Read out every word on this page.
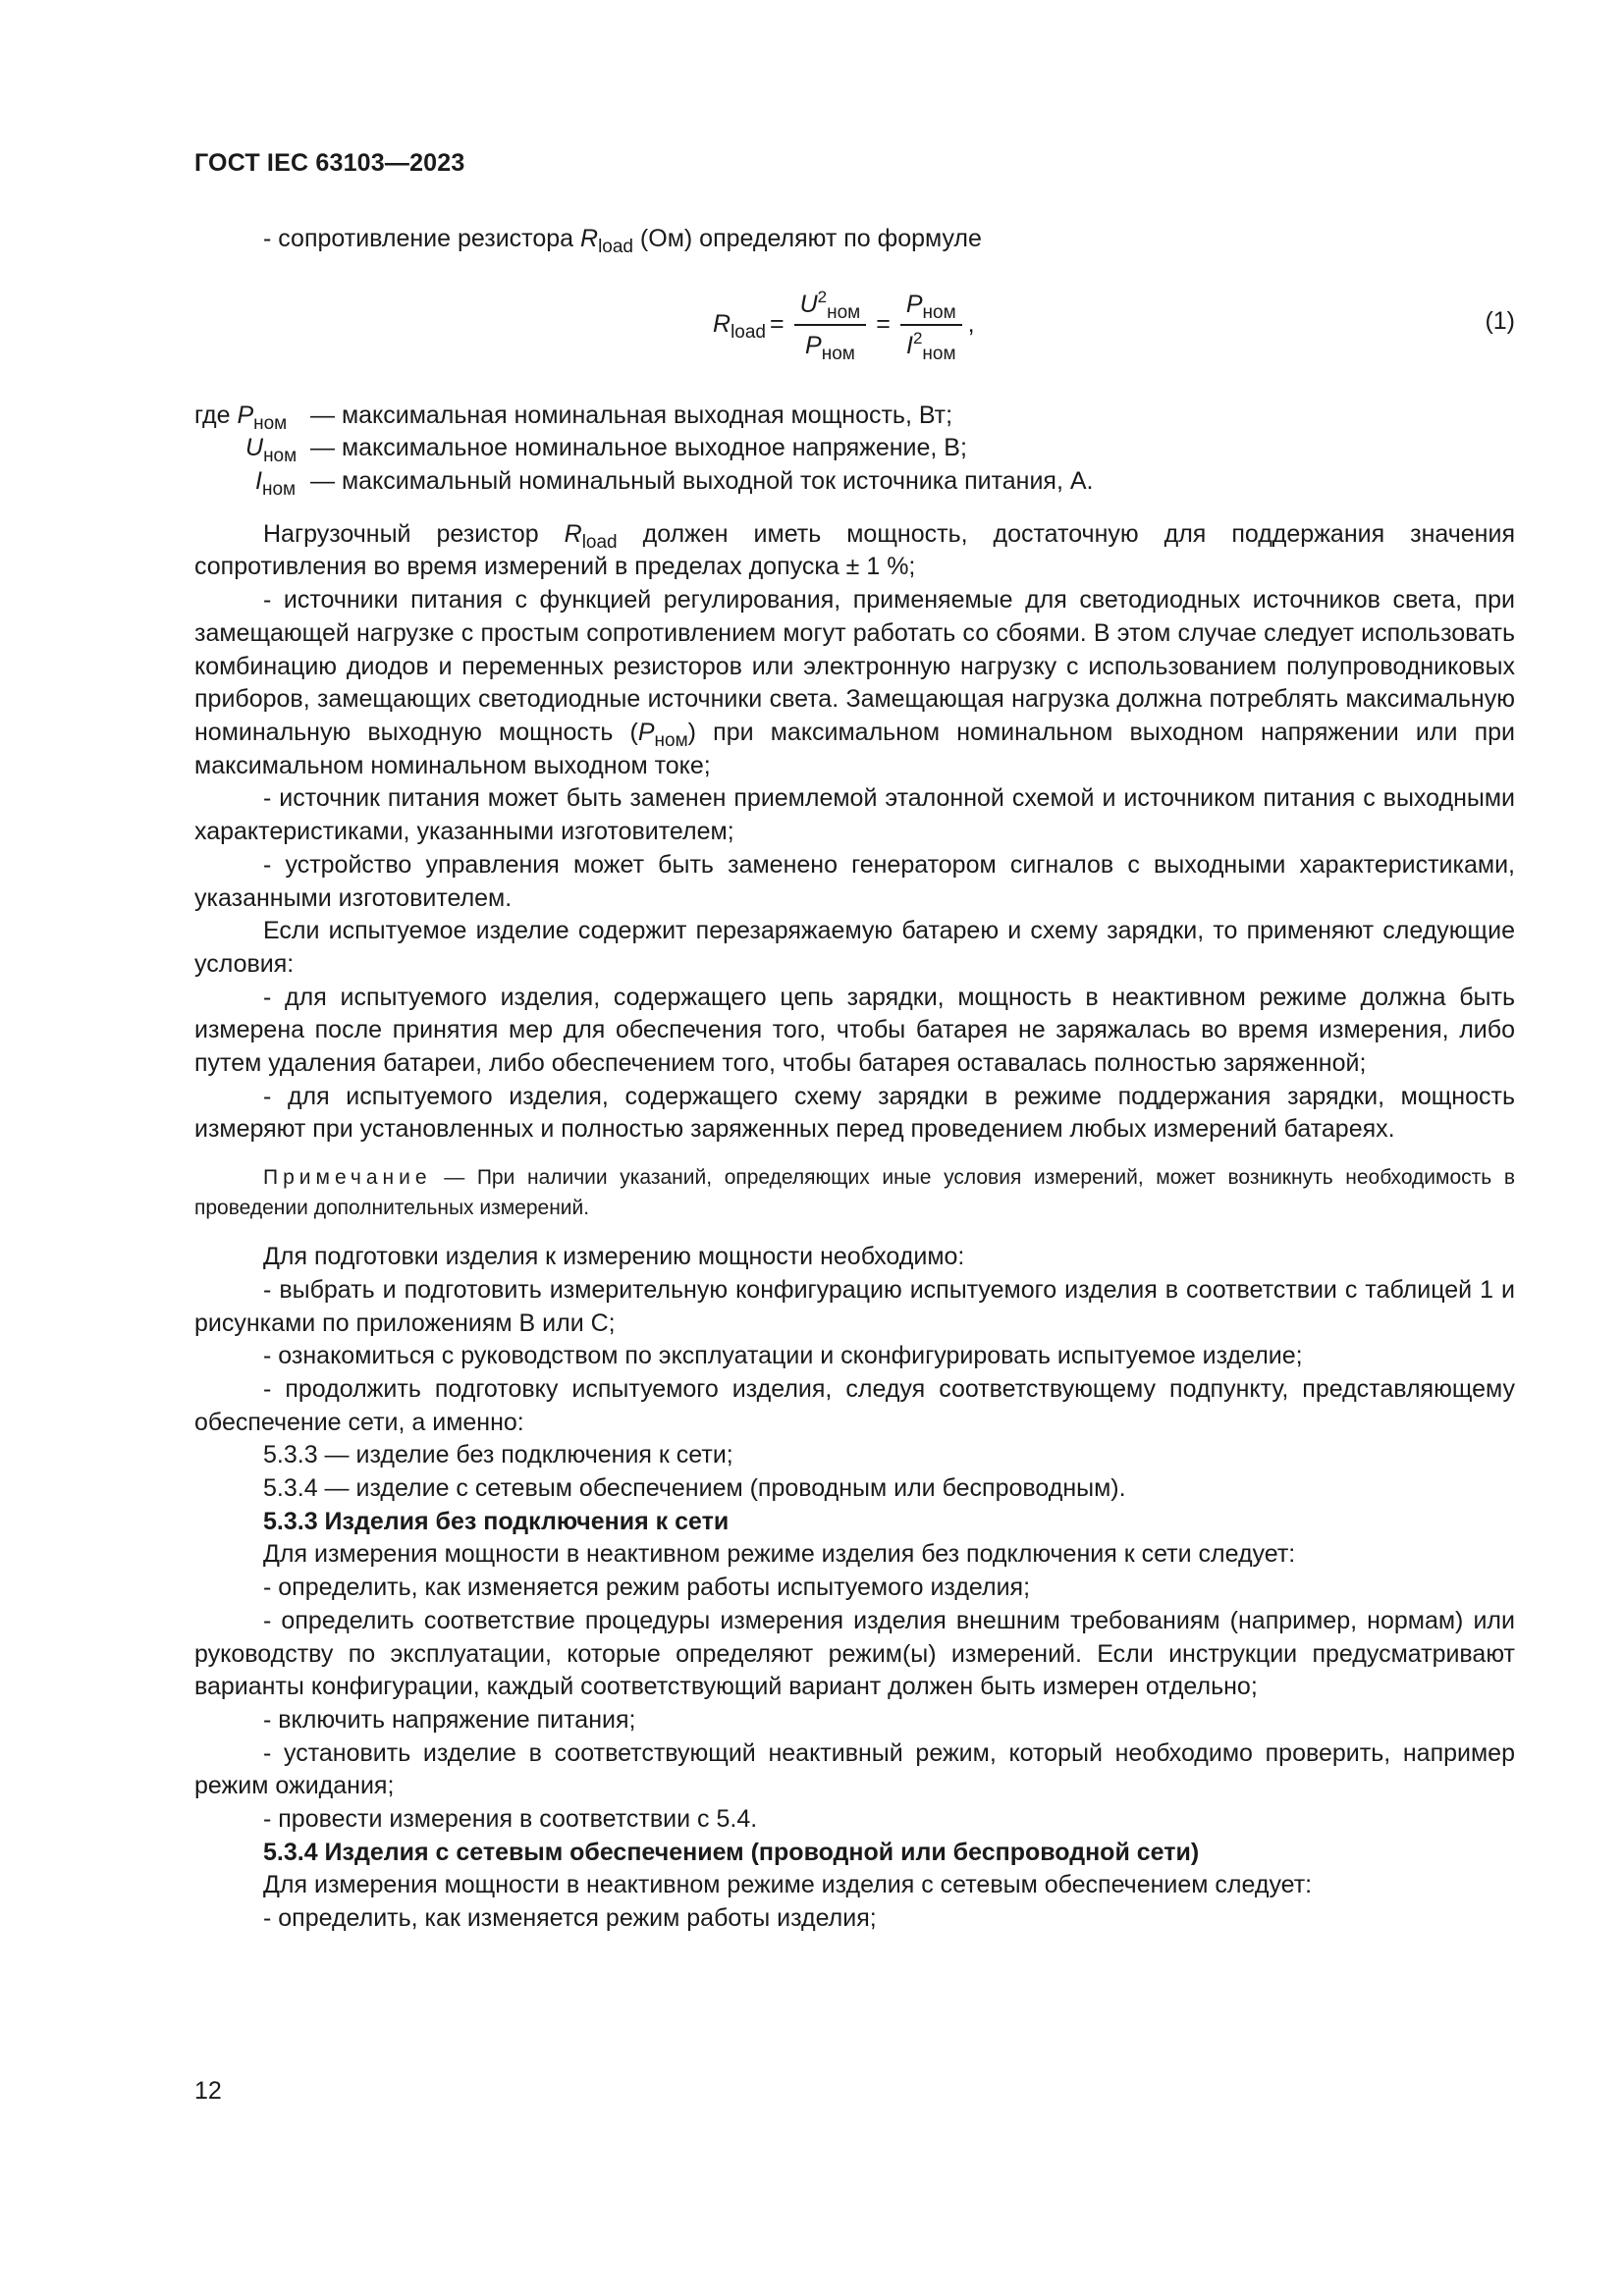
ГОСТ IEC 63103—2023

- сопротивление резистора $R_{load}$ (Ом) определяют по формуле

$R_{load} = \frac{U^2_{ном}}{P_{ном}} = \frac{P_{ном}}{I^2_{ном}}$ ,	(1)
где $P_{ном}$ — максимальная номинальная выходная мощность, Вт;
$U_{ном}$ — максимальное номинальное выходное напряжение, В;
$I_{ном}$ — максимальный номинальный выходной ток источника питания, А.

Нагрузочный резистор $R_{load}$ должен иметь мощность, достаточную для поддержания значения сопротивления во время измерений в пределах допуска ± 1 %;

- источники питания с функцией регулирования, применяемые для светодиодных источников света, при замещающей нагрузке с простым сопротивлением могут работать со сбоями. В этом случае следует использовать комбинацию диодов и переменных резисторов или электронную нагрузку с использованием полупроводниковых приборов, замещающих светодиодные источники света. Замещающая нагрузка должна потреблять максимальную номинальную выходную мощность $(P_{ном})$ при максимальном номинальном выходном напряжении или при максимальном номинальном выходном токе;

- источник питания может быть заменен приемлемой эталонной схемой и источником питания с выходными характеристиками, указанными изготовителем;

- устройство управления может быть заменено генератором сигналов с выходными характеристиками, указанными изготовителем.

Если испытуемое изделие содержит перезаряжаемую батарею и схему зарядки, то применяют следующие условия:

- для испытуемого изделия, содержащего цепь зарядки, мощность в неактивном режиме должна быть измерена после принятия мер для обеспечения того, чтобы батарея не заряжалась во время измерения, либо путем удаления батареи, либо обеспечением того, чтобы батарея оставалась полностью заряженной;

- для испытуемого изделия, содержащего схему зарядки в режиме поддержания зарядки, мощность измеряют при установленных и полностью заряженных перед проведением любых измерений батареях.

Примечание — При наличии указаний, определяющих иные условия измерений, может возникнуть необходимость в проведении дополнительных измерений.

Для подготовки изделия к измерению мощности необходимо:

- выбрать и подготовить измерительную конфигурацию испытуемого изделия в соответствии с таблицей 1 и рисунками по приложениям В или С;

- ознакомиться с руководством по эксплуатации и сконфигурировать испытуемое изделие;

- продолжить подготовку испытуемого изделия, следуя соответствующему подпункту, представляющему обеспечение сети, а именно:

5.3.3 — изделие без подключения к сети;

5.3.4 — изделие с сетевым обеспечением (проводным или беспроводным).

5.3.3 Изделия без подключения к сети

Для измерения мощности в неактивном режиме изделия без подключения к сети следует:

- определить, как изменяется режим работы испытуемого изделия;

- определить соответствие процедуры измерения изделия внешним требованиям (например, нормам) или руководству по эксплуатации, которые определяют режим(ы) измерений. Если инструкции предусматривают варианты конфигурации, каждый соответствующий вариант должен быть измерен отдельно;

- включить напряжение питания;

- установить изделие в соответствующий неактивный режим, который необходимо проверить, например режим ожидания;

- провести измерения в соответствии с 5.4.

5.3.4 Изделия с сетевым обеспечением (проводной или беспроводной сети)

Для измерения мощности в неактивном режиме изделия с сетевым обеспечением следует:

- определить, как изменяется режим работы изделия;

12
